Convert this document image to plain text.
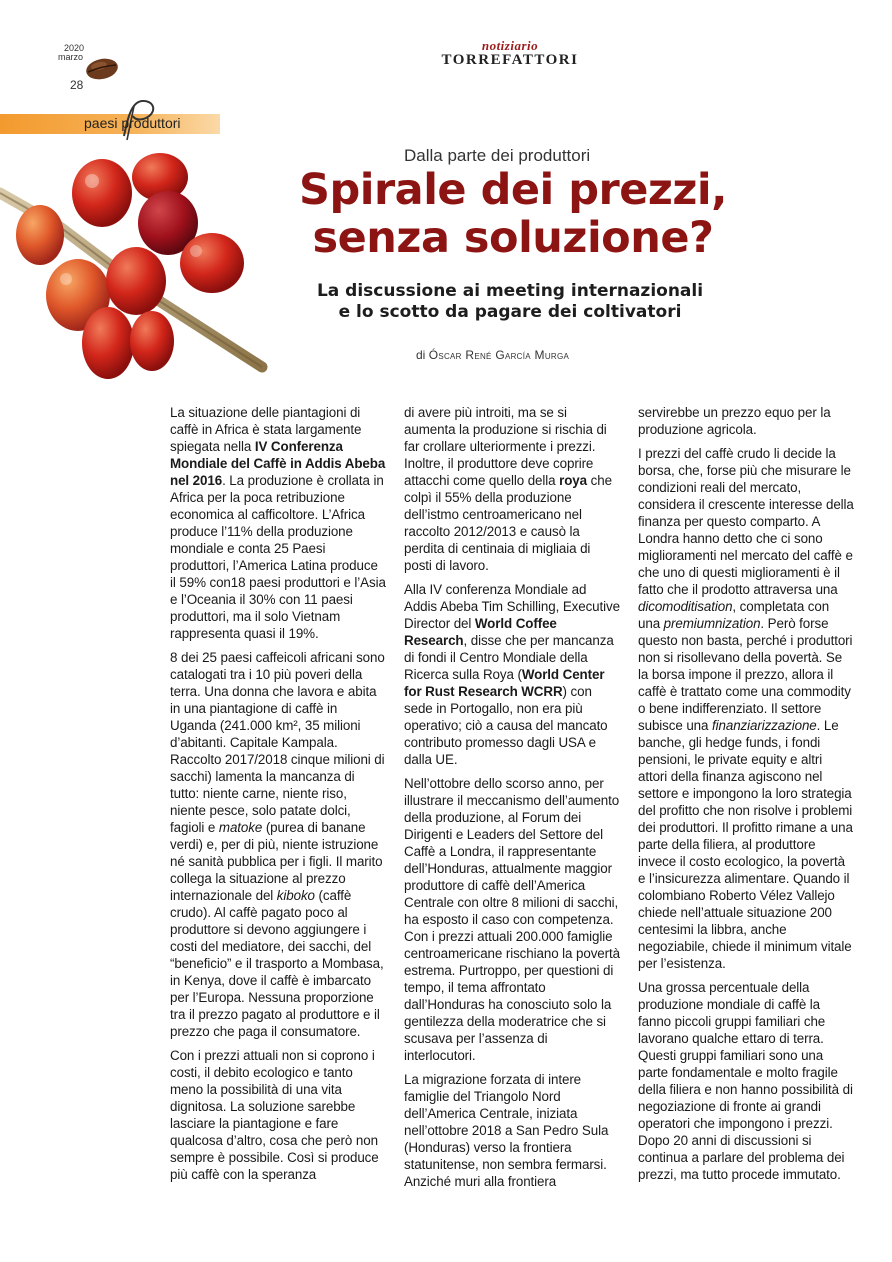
2020
marzo
28
notiziario
TORREFATTORI
paesi produttori
Dalla parte dei produttori
Spirale dei prezzi,
senza soluzione?
La discussione ai meeting internazionali
e lo scotto da pagare dei coltivatori
di Óscar René García Murga

La situazione delle piantagioni di caffè in Africa è stata largamente spiegata nella IV Conferenza Mondiale del Caffè in Addis Abeba nel 2016. La produzione è crollata in Africa per la poca retribuzione economica al cafficoltore. L’Africa produce l’11% della produzione mondiale e conta 25 Paesi produttori, l’America Latina produce il 59% con18 paesi produttori e l’Asia e l’Oceania il 30% con 11 paesi produttori, ma il solo Vietnam rappresenta quasi il 19%.

8 dei 25 paesi caffeicoli africani sono catalogati tra i 10 più poveri della terra. Una donna che lavora e abita in una piantagione di caffè in Uganda (241.000 km², 35 milioni d’abitanti. Capitale Kampala. Raccolto 2017/2018 cinque milioni di sacchi) lamenta la mancanza di tutto: niente carne, niente riso, niente pesce, solo patate dolci, fagioli e matoke (purea di banane verdi) e, per di più, niente istruzione né sanità pubblica per i figli. Il marito collega la situazione al prezzo internazionale del kiboko (caffè crudo). Al caffè pagato poco al produttore si devono aggiungere i costi del mediatore, dei sacchi, del “beneficio” e il trasporto a Mombasa, in Kenya, dove il caffè è imbarcato per l’Europa. Nessuna proporzione tra il prezzo pagato al produttore e il prezzo che paga il consumatore.

Con i prezzi attuali non si coprono i costi, il debito ecologico e tanto meno la possibilità di una vita dignitosa. La soluzione sarebbe lasciare la piantagione e fare qualcosa d’altro, cosa che però non sempre è possibile. Così si produce più caffè con la speranza

di avere più introiti, ma se si aumenta la produzione si rischia di far crollare ulteriormente i prezzi. Inoltre, il produttore deve coprire attacchi come quello della roya che colpì il 55% della produzione dell’istmo centroamericano nel raccolto 2012/2013 e causò la perdita di centinaia di migliaia di posti di lavoro.

Alla IV conferenza Mondiale ad Addis Abeba Tim Schilling, Executive Director del World Coffee Research, disse che per mancanza di fondi il Centro Mondiale della Ricerca sulla Roya (World Center for Rust Research WCRR) con sede in Portogallo, non era più operativo; ciò a causa del mancato contributo promesso dagli USA e dalla UE.

Nell’ottobre dello scorso anno, per illustrare il meccanismo dell’aumento della produzione, al Forum dei Dirigenti e Leaders del Settore del Caffè a Londra, il rappresentante dell’Honduras, attualmente maggior produttore di caffè dell’America Centrale con oltre 8 milioni di sacchi, ha esposto il caso con competenza. Con i prezzi attuali 200.000 famiglie centroamericane rischiano la povertà estrema. Purtroppo, per questioni di tempo, il tema affrontato dall’Honduras ha conosciuto solo la gentilezza della moderatrice che si scusava per l’assenza di interlocutori.

La migrazione forzata di intere famiglie del Triangolo Nord dell’America Centrale, iniziata nell’ottobre 2018 a San Pedro Sula (Honduras) verso la frontiera statunitense, non sembra fermarsi. Anziché muri alla frontiera

servirebbe un prezzo equo per la produzione agricola.

I prezzi del caffè crudo li decide la borsa, che, forse più che misurare le condizioni reali del mercato, considera il crescente interesse della finanza per questo comparto. A Londra hanno detto che ci sono miglioramenti nel mercato del caffè e che uno di questi miglioramenti è il fatto che il prodotto attraversa una dicomoditisation, completata con una premiumnization. Però forse questo non basta, perché i produttori non si risollevano della povertà. Se la borsa impone il prezzo, allora il caffè è trattato come una commodity o bene indifferenziato. Il settore subisce una finanziarizzazione. Le banche, gli hedge funds, i fondi pensioni, le private equity e altri attori della finanza agiscono nel settore e impongono la loro strategia del profitto che non risolve i problemi dei produttori. Il profitto rimane a una parte della filiera, al produttore invece il costo ecologico, la povertà e l’insicurezza alimentare. Quando il colombiano Roberto Vélez Vallejo chiede nell’attuale situazione 200 centesimi la libbra, anche negoziabile, chiede il minimum vitale per l’esistenza.

Una grossa percentuale della produzione mondiale di caffè la fanno piccoli gruppi familiari che lavorano qualche ettaro di terra. Questi gruppi familiari sono una parte fondamentale e molto fragile della filiera e non hanno possibilità di negoziazione di fronte ai grandi operatori che impongono i prezzi. Dopo 20 anni di discussioni si continua a parlare del problema dei prezzi, ma tutto procede immutato.
